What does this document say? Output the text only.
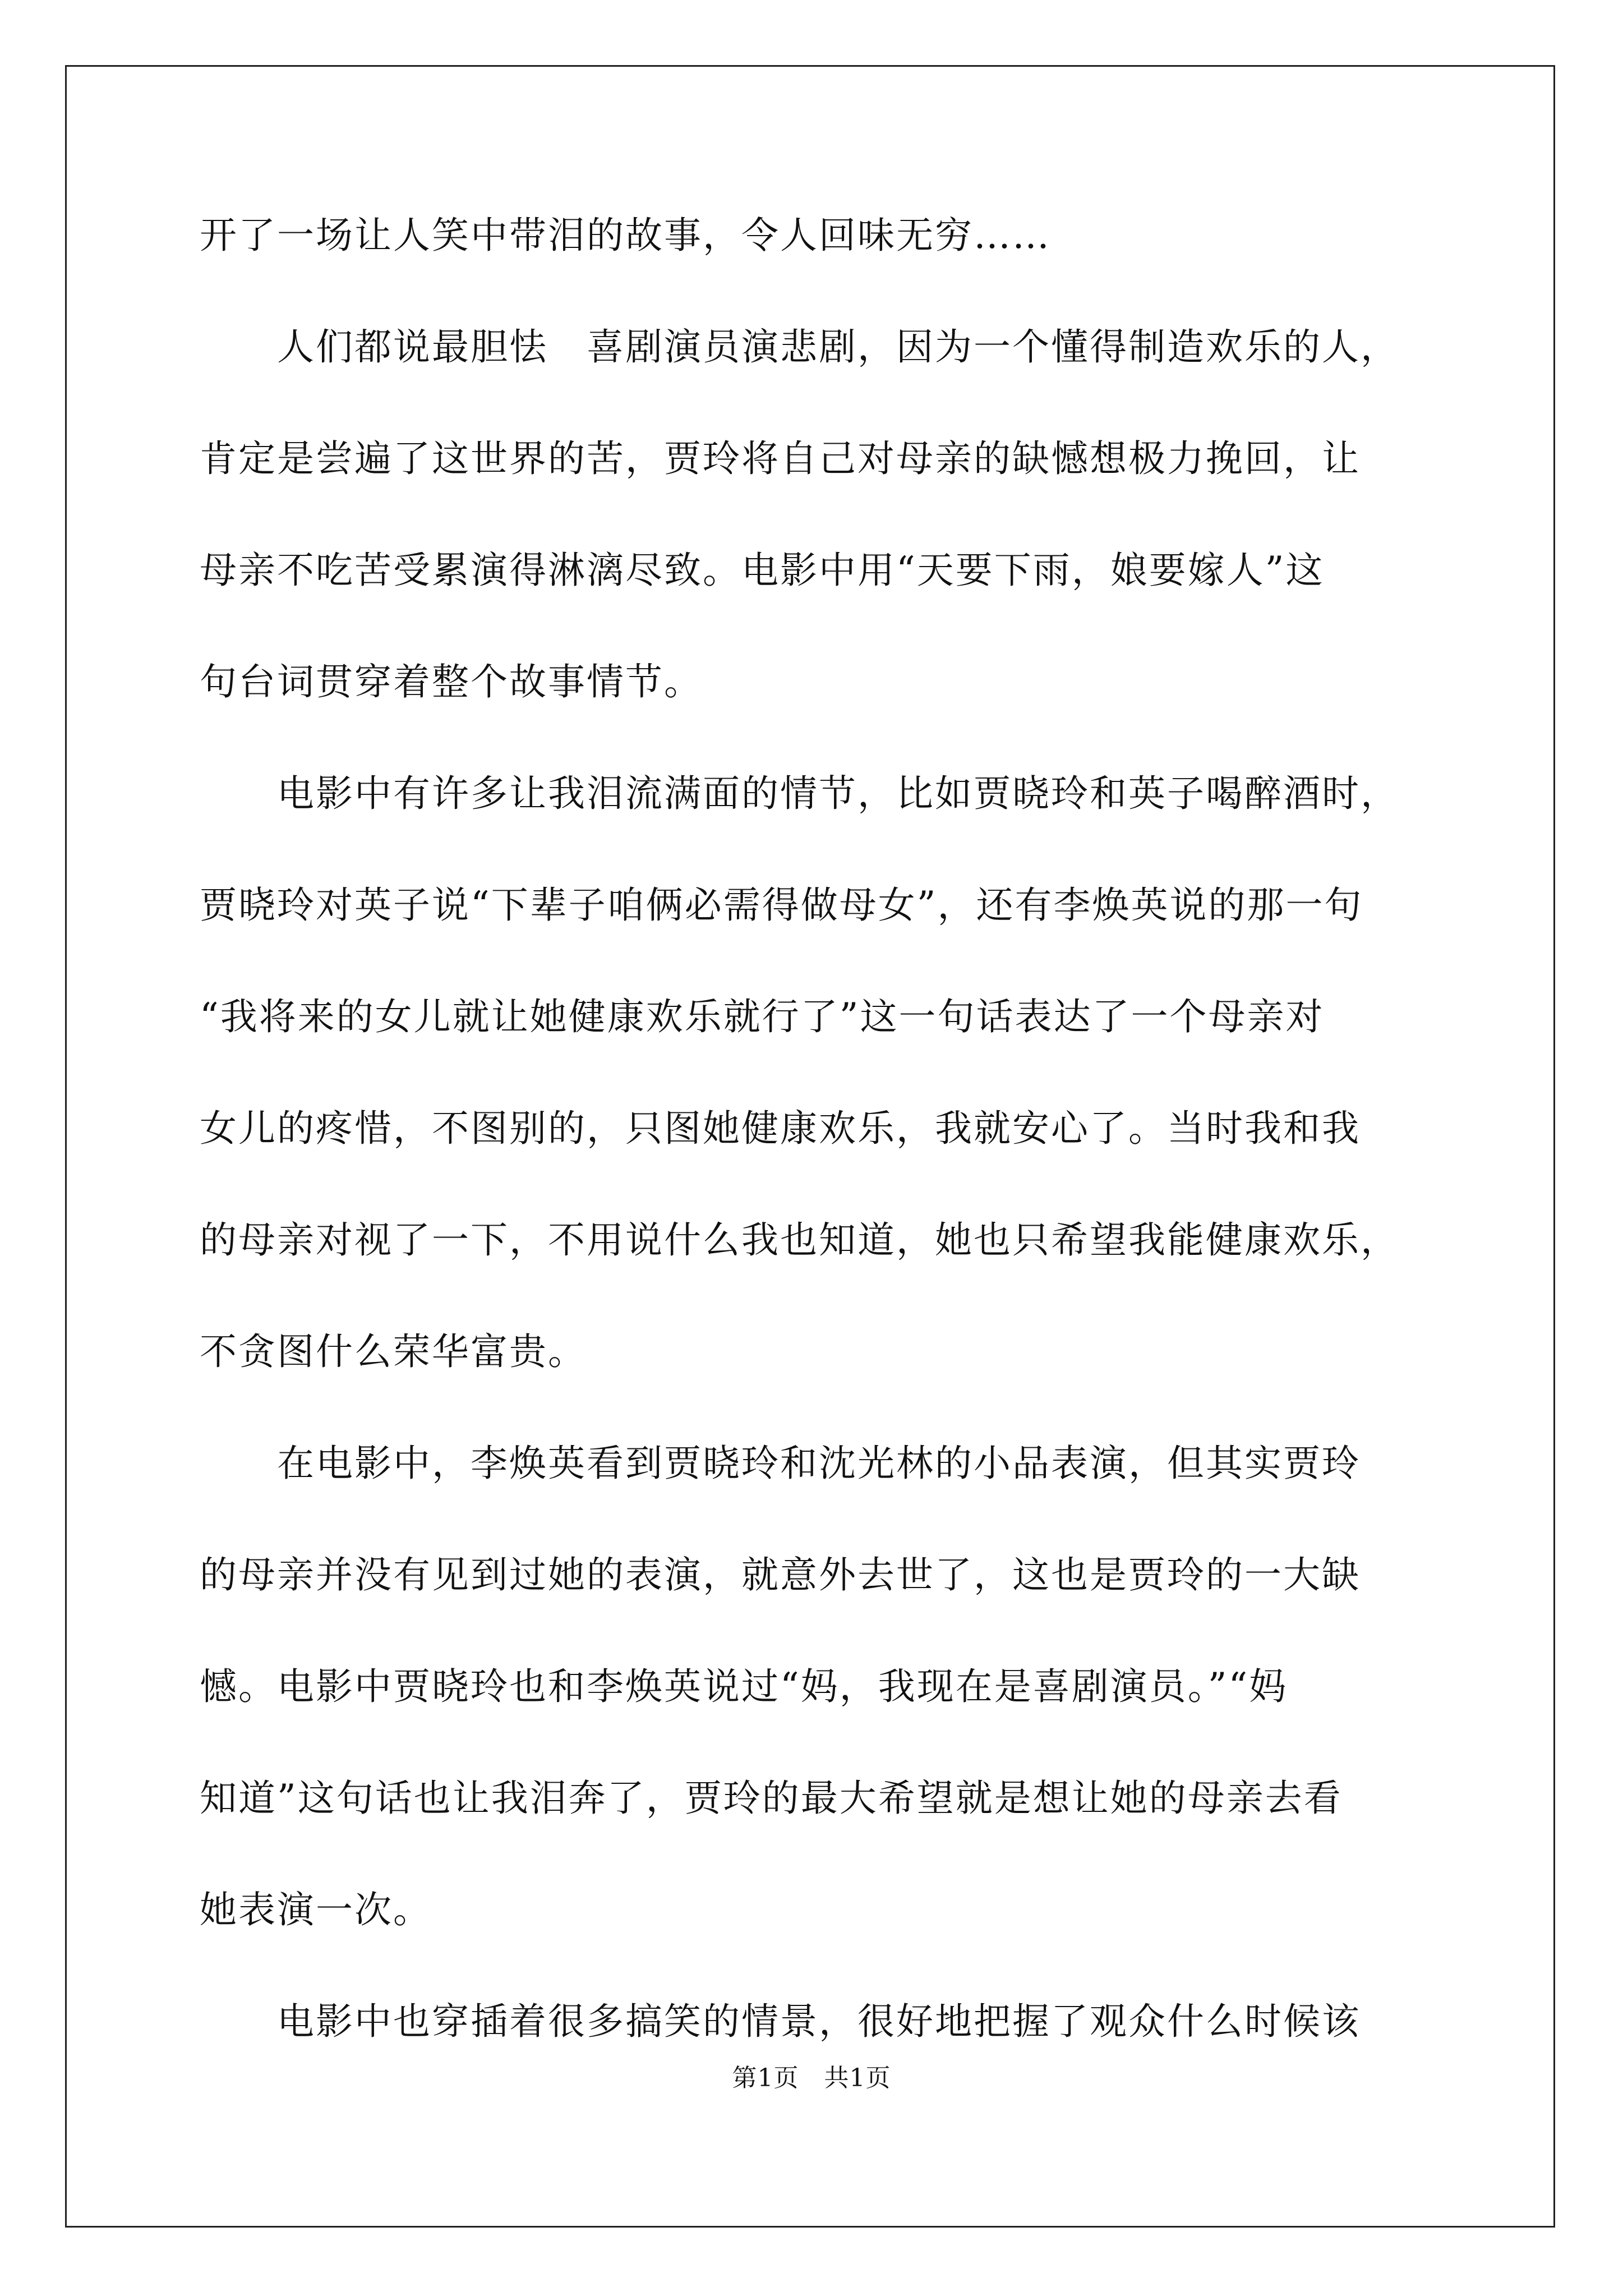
开了一场让人笑中带泪的故事，令人回味无穷……

　　人们都说最胆怯　喜剧演员演悲剧，因为一个懂得制造欢乐的人，

肯定是尝遍了这世界的苦，贾玲将自己对母亲的缺憾想极力挽回，让

母亲不吃苦受累演得淋漓尽致。电影中用“天要下雨，娘要嫁人”这

句台词贯穿着整个故事情节。

　　电影中有许多让我泪流满面的情节，比如贾晓玲和英子喝醉酒时，

贾晓玲对英子说“下辈子咱俩必需得做母女”，还有李焕英说的那一句

“我将来的女儿就让她健康欢乐就行了”这一句话表达了一个母亲对

女儿的疼惜，不图别的，只图她健康欢乐，我就安心了。当时我和我

的母亲对视了一下，不用说什么我也知道，她也只希望我能健康欢乐，

不贪图什么荣华富贵。

　　在电影中，李焕英看到贾晓玲和沈光林的小品表演，但其实贾玲

的母亲并没有见到过她的表演，就意外去世了，这也是贾玲的一大缺

憾。电影中贾晓玲也和李焕英说过“妈，我现在是喜剧演员。”“妈

知道”这句话也让我泪奔了，贾玲的最大希望就是想让她的母亲去看

她表演一次。

　　电影中也穿插着很多搞笑的情景，很好地把握了观众什么时候该

第1页　共1页
